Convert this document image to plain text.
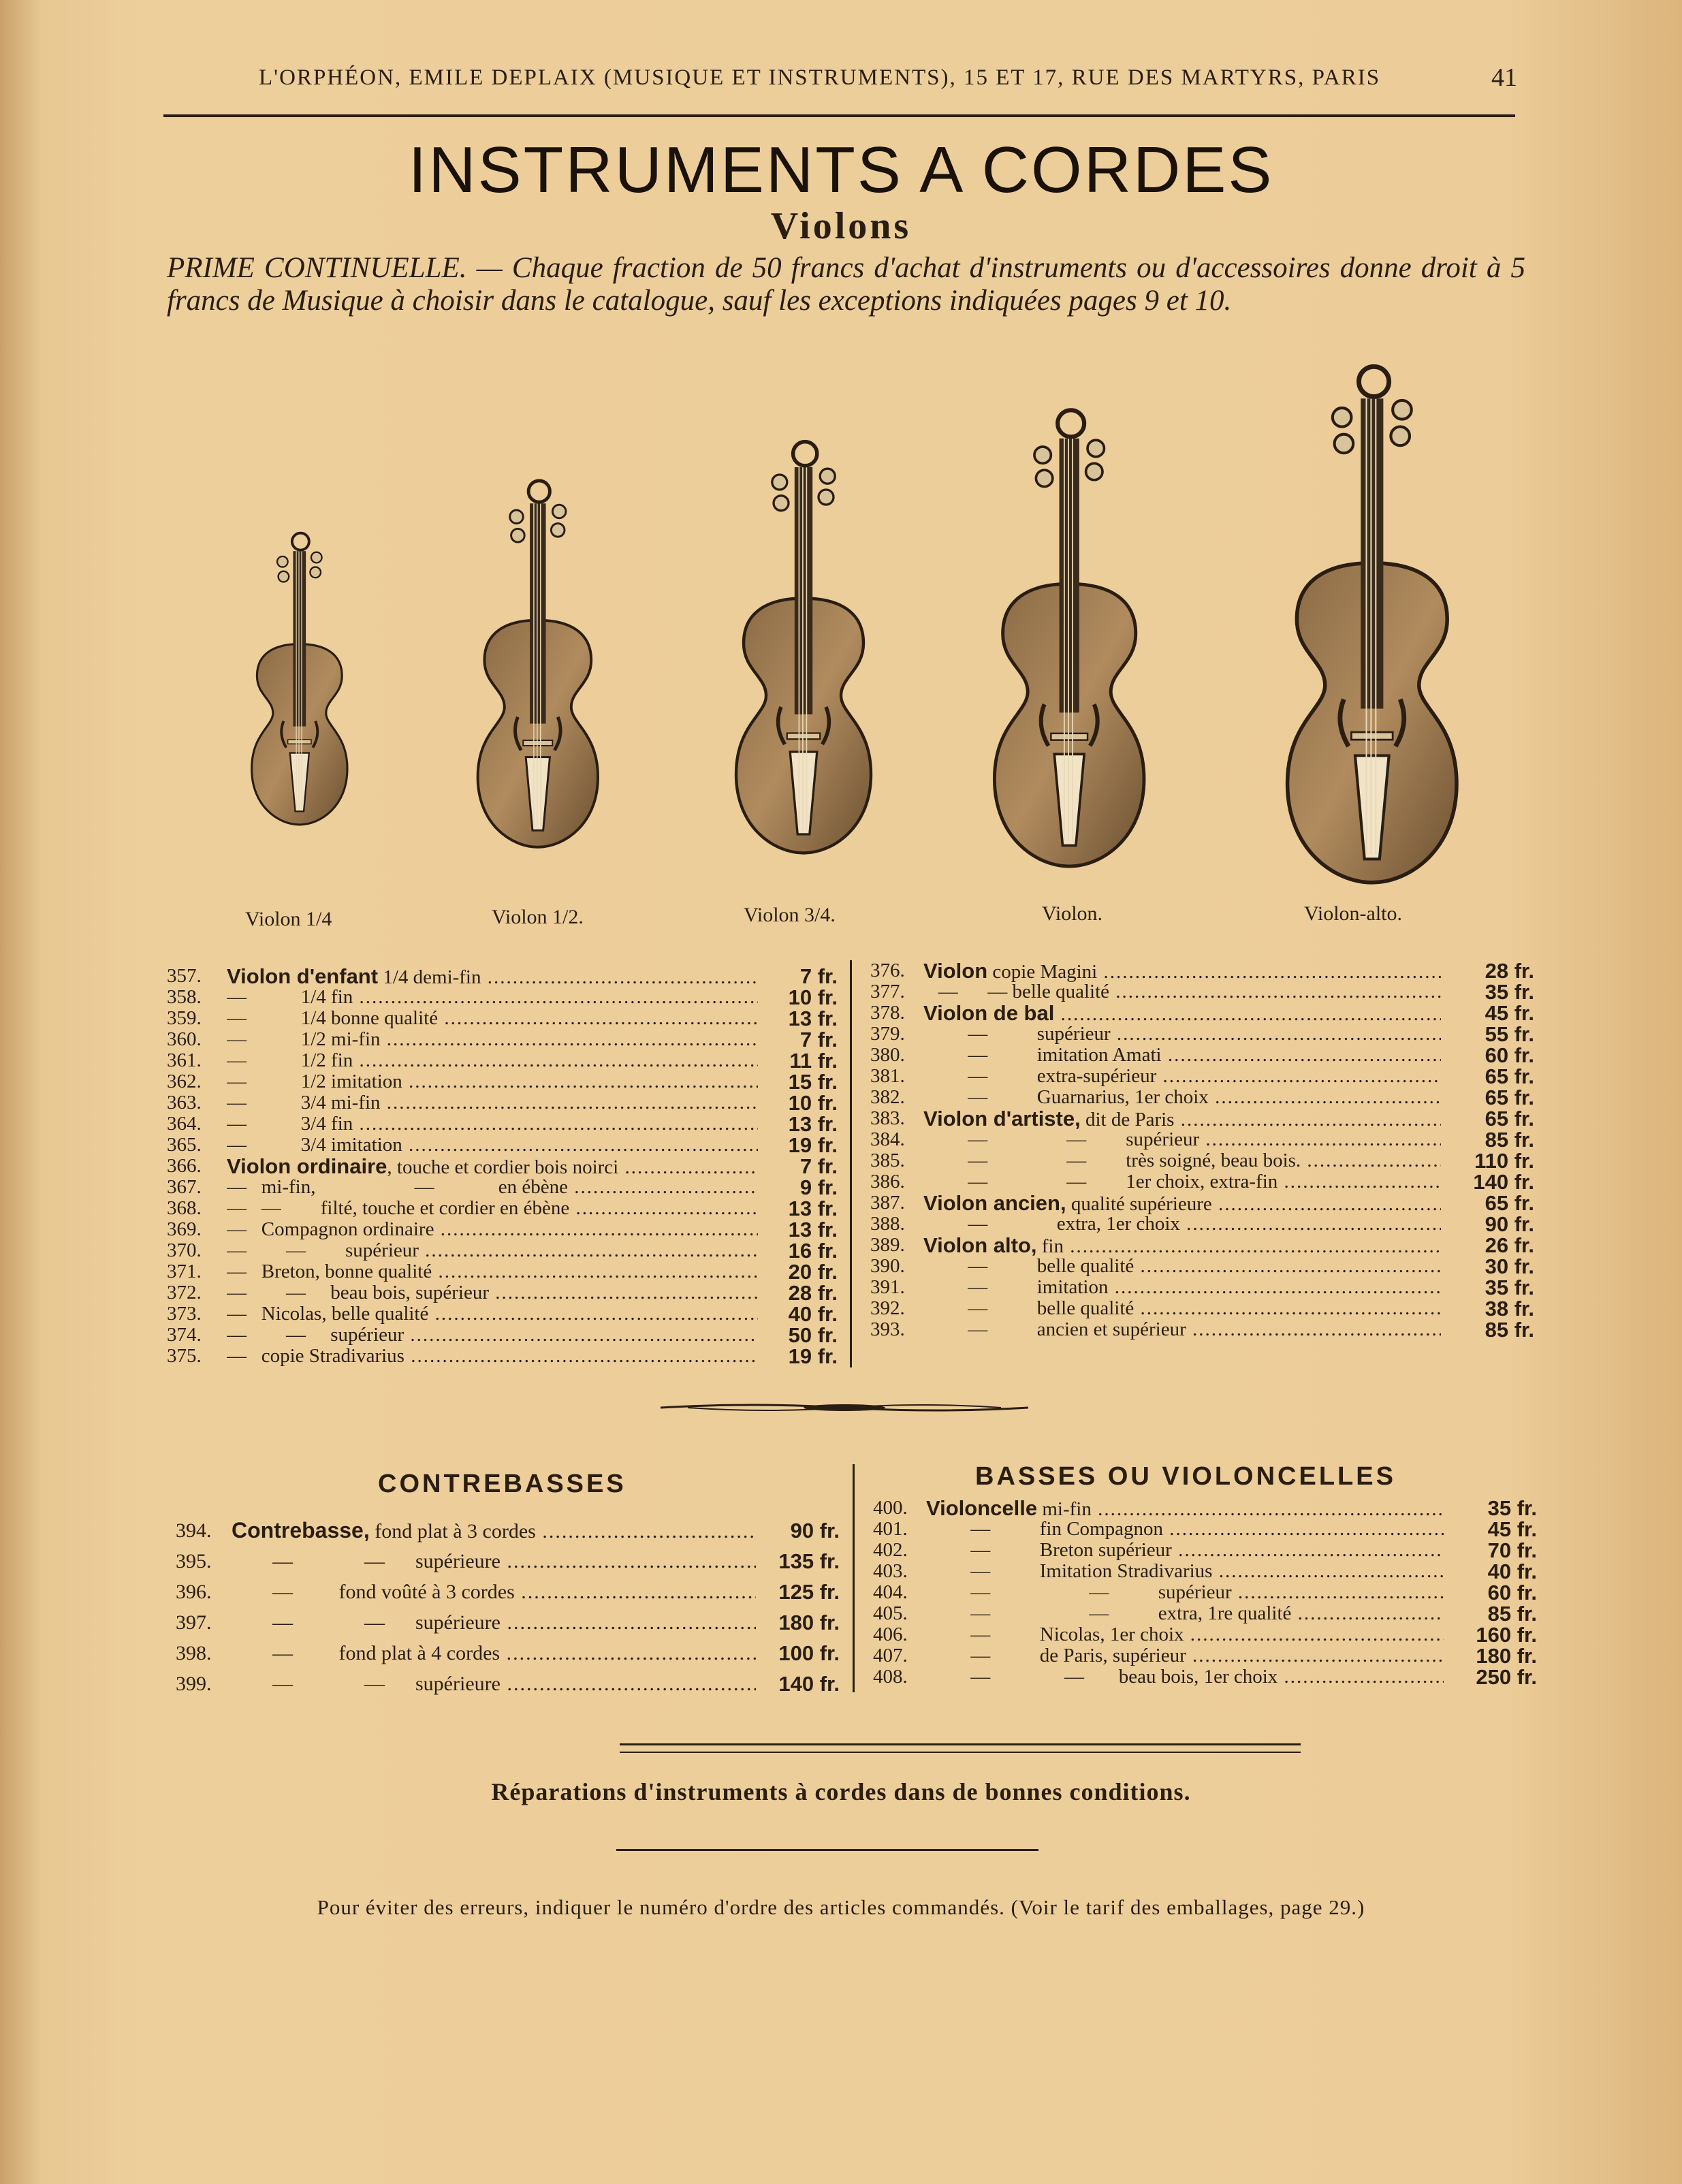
L'ORPHÉON, EMILE DEPLAIX (MUSIQUE ET INSTRUMENTS), 15 ET 17, RUE DES MARTYRS, PARIS	41
INSTRUMENTS A CORDES
Violons
PRIME CONTINUELLE. — Chaque fraction de 50 francs d'achat d'instruments ou d'accessoires donne droit à 5 francs de Musique à choisir dans le catalogue, sauf les exceptions indiquées pages 9 et 10.
Violon 1/4	Violon 1/2.	Violon 3/4.	Violon.	Violon-alto.
357. Violon d'enfant 1/4 demi-fin .....	7 fr.
358. —           1/4 fin .....	10 fr.
359. —           1/4 bonne qualité .....	13 fr.
360. —           1/2 mi-fin .....	7 fr.
361. —           1/2 fin .....	11 fr.
362. —           1/2 imitation .....	15 fr.
363. —           3/4 mi-fin .....	10 fr.
364. —           3/4 fin .....	13 fr.
365. —           3/4 imitation .....	19 fr.
366. Violon ordinaire, touche et cordier bois noirci .....	7 fr.
367. —   mi-fin,                    —             en ébène .....	9 fr.
368. —   —        filté, touche et cordier en ébène .....	13 fr.
369. —   Compagnon ordinaire .....	13 fr.
370. —        —        supérieur .....	16 fr.
371. —   Breton, bonne qualité .....	20 fr.
372. —        —     beau bois, supérieur .....	28 fr.
373. —   Nicolas, belle qualité .....	40 fr.
374. —        —     supérieur .....	50 fr.
375. —   copie Stradivarius .....	19 fr.
376. Violon copie Magini .....	28 fr.
377. —      — belle qualité .....	35 fr.
378. Violon de bal .....	45 fr.
379. —          supérieur .....	55 fr.
380. —          imitation Amati .....	60 fr.
381. —          extra-supérieur .....	65 fr.
382. —          Guarnarius, 1er choix .....	65 fr.
383. Violon d'artiste, dit de Paris .....	65 fr.
384. —                —        supérieur .....	85 fr.
385. —                —        très soigné, beau bois. .....	110 fr.
386. —                —        1er choix, extra-fin .....	140 fr.
387. Violon ancien, qualité supérieure .....	65 fr.
388. —              extra, 1er choix .....	90 fr.
389. Violon alto, fin .....	26 fr.
390. —          belle qualité .....	30 fr.
391. —          imitation .....	35 fr.
392. —          belle qualité .....	38 fr.
393. —          ancien et supérieur .....	85 fr.
CONTREBASSES
394. Contrebasse, fond plat à 3 cordes .....	90 fr.
395. —              —      supérieure .....	135 fr.
396. —         fond voûté à 3 cordes .....	125 fr.
397. —              —      supérieure .....	180 fr.
398. —         fond plat à 4 cordes .....	100 fr.
399. —              —      supérieure .....	140 fr.
BASSES OU VIOLONCELLES
400. Violoncelle mi-fin .....	35 fr.
401. —          fin Compagnon .....	45 fr.
402. —          Breton supérieur .....	70 fr.
403. —          Imitation Stradivarius .....	40 fr.
404. —                    —          supérieur .....	60 fr.
405. —                    —          extra, 1re qualité .....	85 fr.
406. —          Nicolas, 1er choix .....	160 fr.
407. —          de Paris, supérieur .....	180 fr.
408. —               —       beau bois, 1er choix .....	250 fr.
Réparations d'instruments à cordes dans de bonnes conditions.
Pour éviter des erreurs, indiquer le numéro d'ordre des articles commandés. (Voir le tarif des emballages, page 29.)
